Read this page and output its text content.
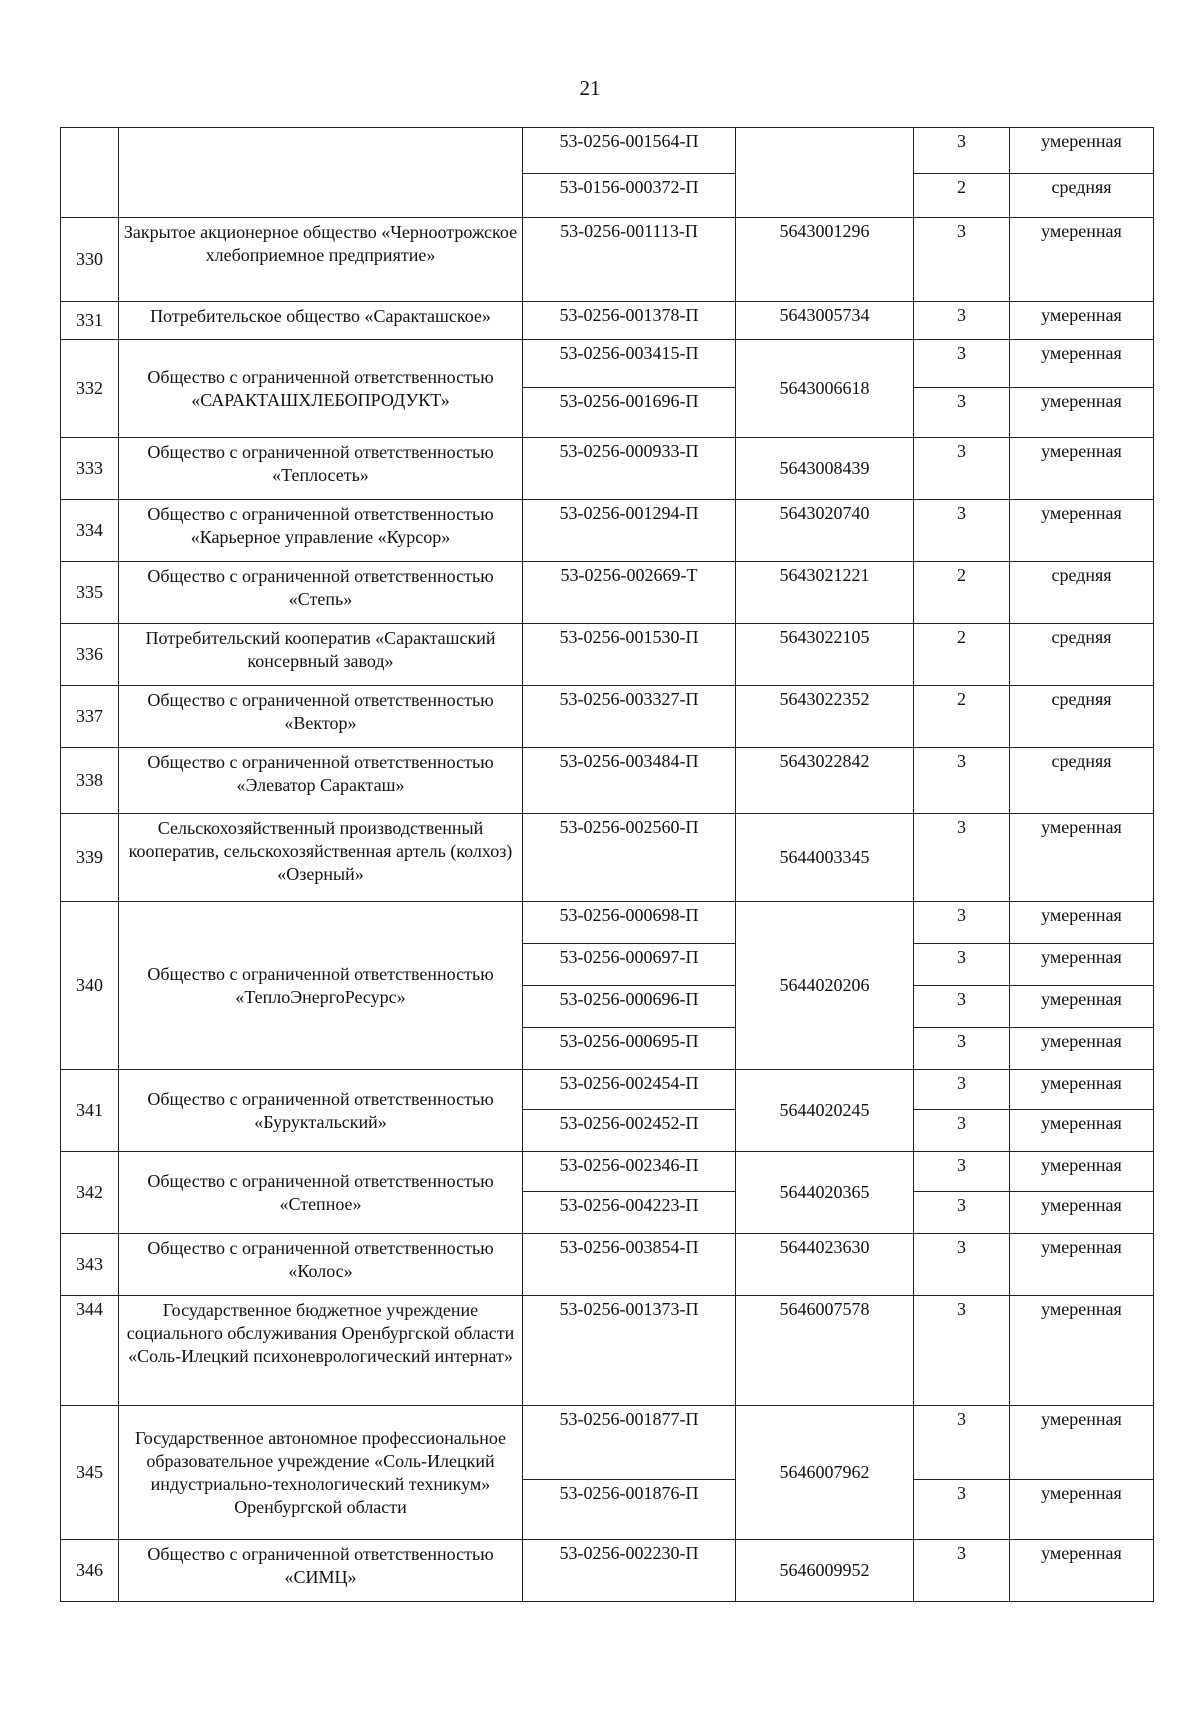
21
		53-0256-001564-П		3	умеренная
		53-0156-000372-П		2	средняя
330	Закрытое акционерное общество «Черноотрожское хлебоприемное предприятие»	53-0256-001113-П	5643001296	3	умеренная
331	Потребительское общество «Саракташское»	53-0256-001378-П	5643005734	3	умеренная
332	Общество с ограниченной ответственностью «САРАКТАШХЛЕБОПРОДУКТ»	53-0256-003415-П	5643006618	3	умеренная
		53-0256-001696-П		3	умеренная
333	Общество с ограниченной ответственностью «Теплосеть»	53-0256-000933-П	5643008439	3	умеренная
334	Общество с ограниченной ответственностью «Карьерное управление «Курсор»	53-0256-001294-П	5643020740	3	умеренная
335	Общество с ограниченной ответственностью «Степь»	53-0256-002669-Т	5643021221	2	средняя
336	Потребительский кооператив «Саракташский консервный завод»	53-0256-001530-П	5643022105	2	средняя
337	Общество с ограниченной ответственностью «Вектор»	53-0256-003327-П	5643022352	2	средняя
338	Общество с ограниченной ответственностью «Элеватор Саракташ»	53-0256-003484-П	5643022842	3	средняя
339	Сельскохозяйственный производственный кооператив, сельскохозяйственная артель (колхоз) «Озерный»	53-0256-002560-П	5644003345	3	умеренная
340	Общество с ограниченной ответственностью «ТеплоЭнергоРесурс»	53-0256-000698-П	5644020206	3	умеренная
		53-0256-000697-П		3	умеренная
		53-0256-000696-П		3	умеренная
		53-0256-000695-П		3	умеренная
341	Общество с ограниченной ответственностью «Буруктальский»	53-0256-002454-П	5644020245	3	умеренная
		53-0256-002452-П		3	умеренная
342	Общество с ограниченной ответственностью «Степное»	53-0256-002346-П	5644020365	3	умеренная
		53-0256-004223-П		3	умеренная
343	Общество с ограниченной ответственностью «Колос»	53-0256-003854-П	5644023630	3	умеренная
344	Государственное бюджетное учреждение социального обслуживания Оренбургской области «Соль-Илецкий психоневрологический интернат»	53-0256-001373-П	5646007578	3	умеренная
345	Государственное автономное профессиональное образовательное учреждение «Соль-Илецкий индустриально-технологический техникум» Оренбургской области	53-0256-001877-П	5646007962	3	умеренная
		53-0256-001876-П		3	умеренная
346	Общество с ограниченной ответственностью «СИМЦ»	53-0256-002230-П	5646009952	3	умеренная
